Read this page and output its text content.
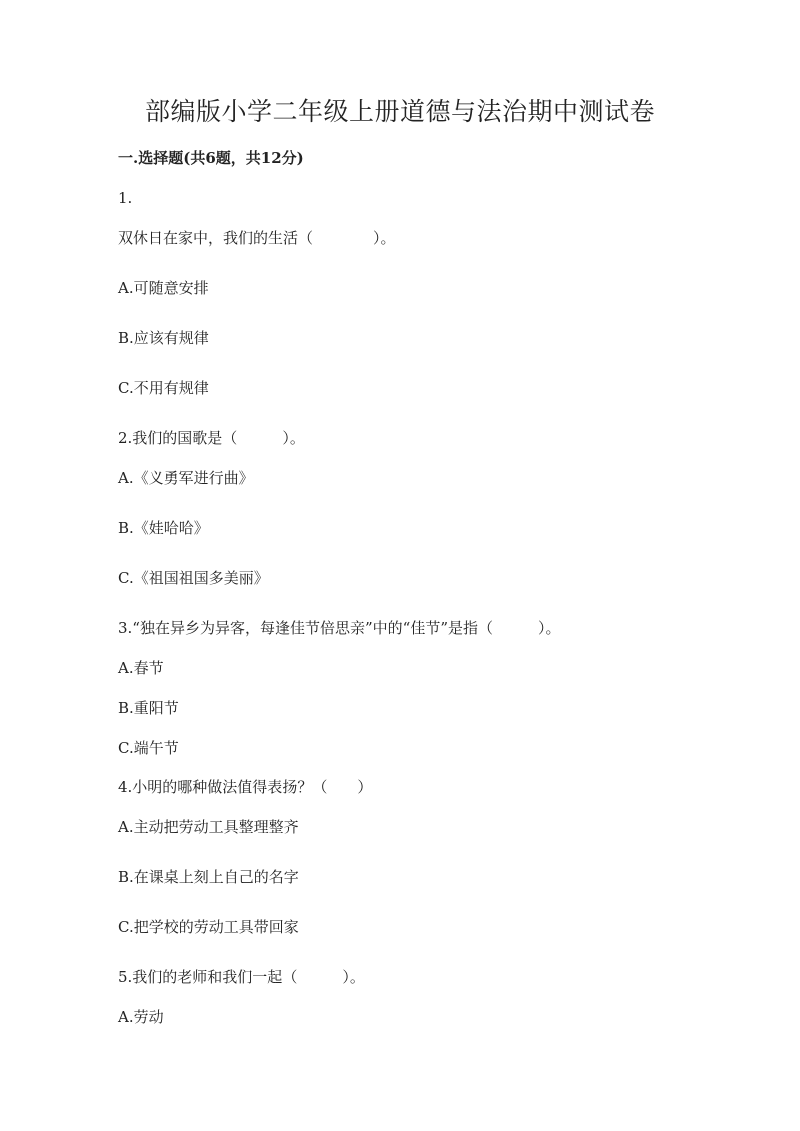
部编版小学二年级上册道德与法治期中测试卷
一.选择题(共6题，共12分)
1.
双休日在家中，我们的生活（　　　　）。
A.可随意安排
B.应该有规律
C.不用有规律
2.我们的国歌是（　　　）。
A.《义勇军进行曲》
B.《娃哈哈》
C.《祖国祖国多美丽》
3.“独在异乡为异客，每逢佳节倍思亲”中的“佳节”是指（　　　）。
A.春节
B.重阳节
C.端午节
4.小明的哪种做法值得表扬？（　　）
A.主动把劳动工具整理整齐
B.在课桌上刻上自己的名字
C.把学校的劳动工具带回家
5.我们的老师和我们一起（　　　）。
A.劳动
